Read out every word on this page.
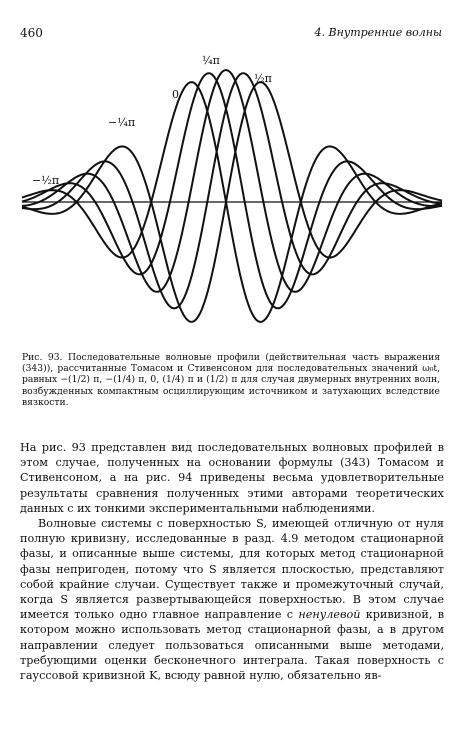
460	4. Внутренние волны
−½π
−¼π
0
¼π
½π
Рис. 93. Последовательные волновые профили (действительная часть выражения (343)), рассчитанные Томасом и Стивенсоном для последовательных значений ω₀t, равных −(1/2) π, −(1/4) π, 0, (1/4) π и (1/2) π для случая двумерных внутренних волн, возбужденных компактным осциллирующим источником и затухающих вследствие вязкости.

На рис. 93 представлен вид последовательных волновых профилей в этом случае, полученных на основании формулы (343) Томасом и Стивенсоном, а на рис. 94 приведены весьма удовлетворительные результаты сравнения полученных этими авторами теоретических данных с их тонкими экспериментальными наблюдениями.

Волновые системы с поверхностью S, имеющей отличную от нуля полную кривизну, исследованные в разд. 4.9 методом стационарной фазы, и описанные выше системы, для которых метод стационарной фазы непригоден, потому что S является плоскостью, представляют собой крайние случаи. Существует также и промежуточный случай, когда S является развертывающейся поверхностью. В этом случае имеется только одно главное направление с ненулевой кривизной, в котором можно использовать метод стационарной фазы, а в другом направлении следует пользоваться описанными выше методами, требующими оценки бесконечного интеграла. Такая поверхность с гауссовой кривизной K, всюду равной нулю, обязательно яв-
